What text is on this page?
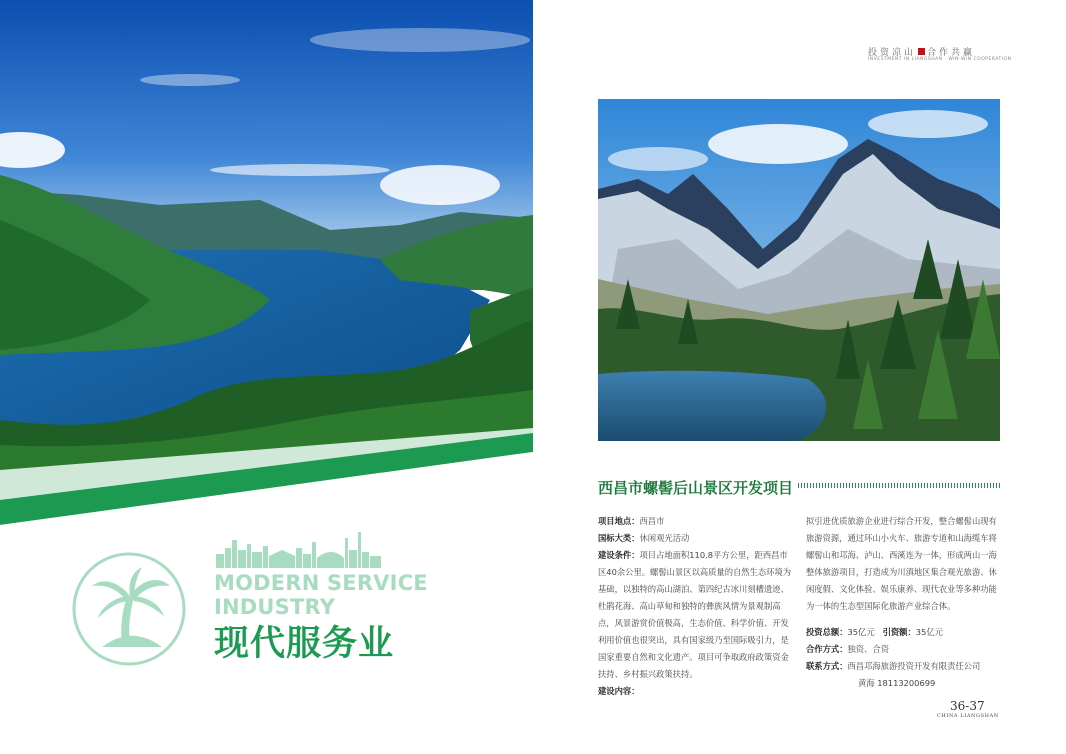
MODERN SERVICE
INDUSTRY
现代服务业
投资凉山 合作共赢
INVESTMENT IN LIANGSHAN · WIN-WIN COOPERATION
西昌市螺髻后山景区开发项目

项目地点：西昌市

国标大类：休闲观光活动

建设条件：项目占地面积110.8平方公里，距西昌市区40余公里。螺髻山景区以高质量的自然生态环境为基础，以独特的高山湖泊、第四纪古冰川刻槽遗迹、杜鹃花海、高山草甸和独特的彝族风情为景观制高点，风景游赏价值极高，生态价值、科学价值、开发利用价值也很突出，具有国家级乃至国际吸引力，是国家重要自然和文化遗产。项目可争取政府政策资金扶持、乡村振兴政策扶持。

建设内容：

拟引进优质旅游企业进行综合开发，整合螺髻山现有旅游资源，通过环山小火车、旅游专道和山海缆车将螺髻山和邛海、泸山、西溪连为一体，形成两山一海整体旅游项目，打造成为川滇地区集合观光旅游、休闲度假、文化体验、娱乐康养、现代农业等多种功能为一体的生态型国际化旅游产业综合体。

投资总额：35亿元 引资额：35亿元

合作方式：独资、合资

联系方式：西昌邛海旅游投资开发有限责任公司

黄海 18113200699

36-37
CHINA LIANGSHAN
